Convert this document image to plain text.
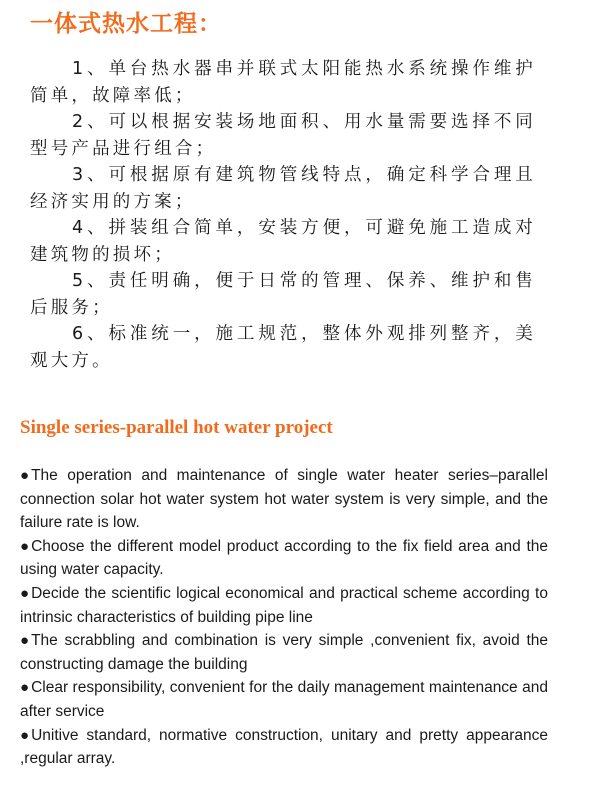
一体式热水工程：

1、单台热水器串并联式太阳能热水系统操作维护简单，故障率低；

2、可以根据安装场地面积、用水量需要选择不同型号产品进行组合；

3、可根据原有建筑物管线特点，确定科学合理且经济实用的方案；

4、拼装组合简单，安装方便，可避免施工造成对建筑物的损坏；

5、责任明确，便于日常的管理、保养、维护和售后服务；

6、标准统一，施工规范，整体外观排列整齐，美观大方。

Single series-parallel hot water project

● The operation and maintenance of single water heater series–parallel connection solar hot water system hot water system is very simple, and the failure rate is low.

● Choose the different model product according to the fix field area and the using water capacity.

● Decide the scientific logical economical and practical scheme according to intrinsic characteristics of building pipe line

● The scrabbling and combination is very simple ,convenient fix, avoid the constructing damage the building

● Clear responsibility, convenient for the daily management maintenance and after service

● Unitive standard, normative construction, unitary and pretty appearance ,regular array.
